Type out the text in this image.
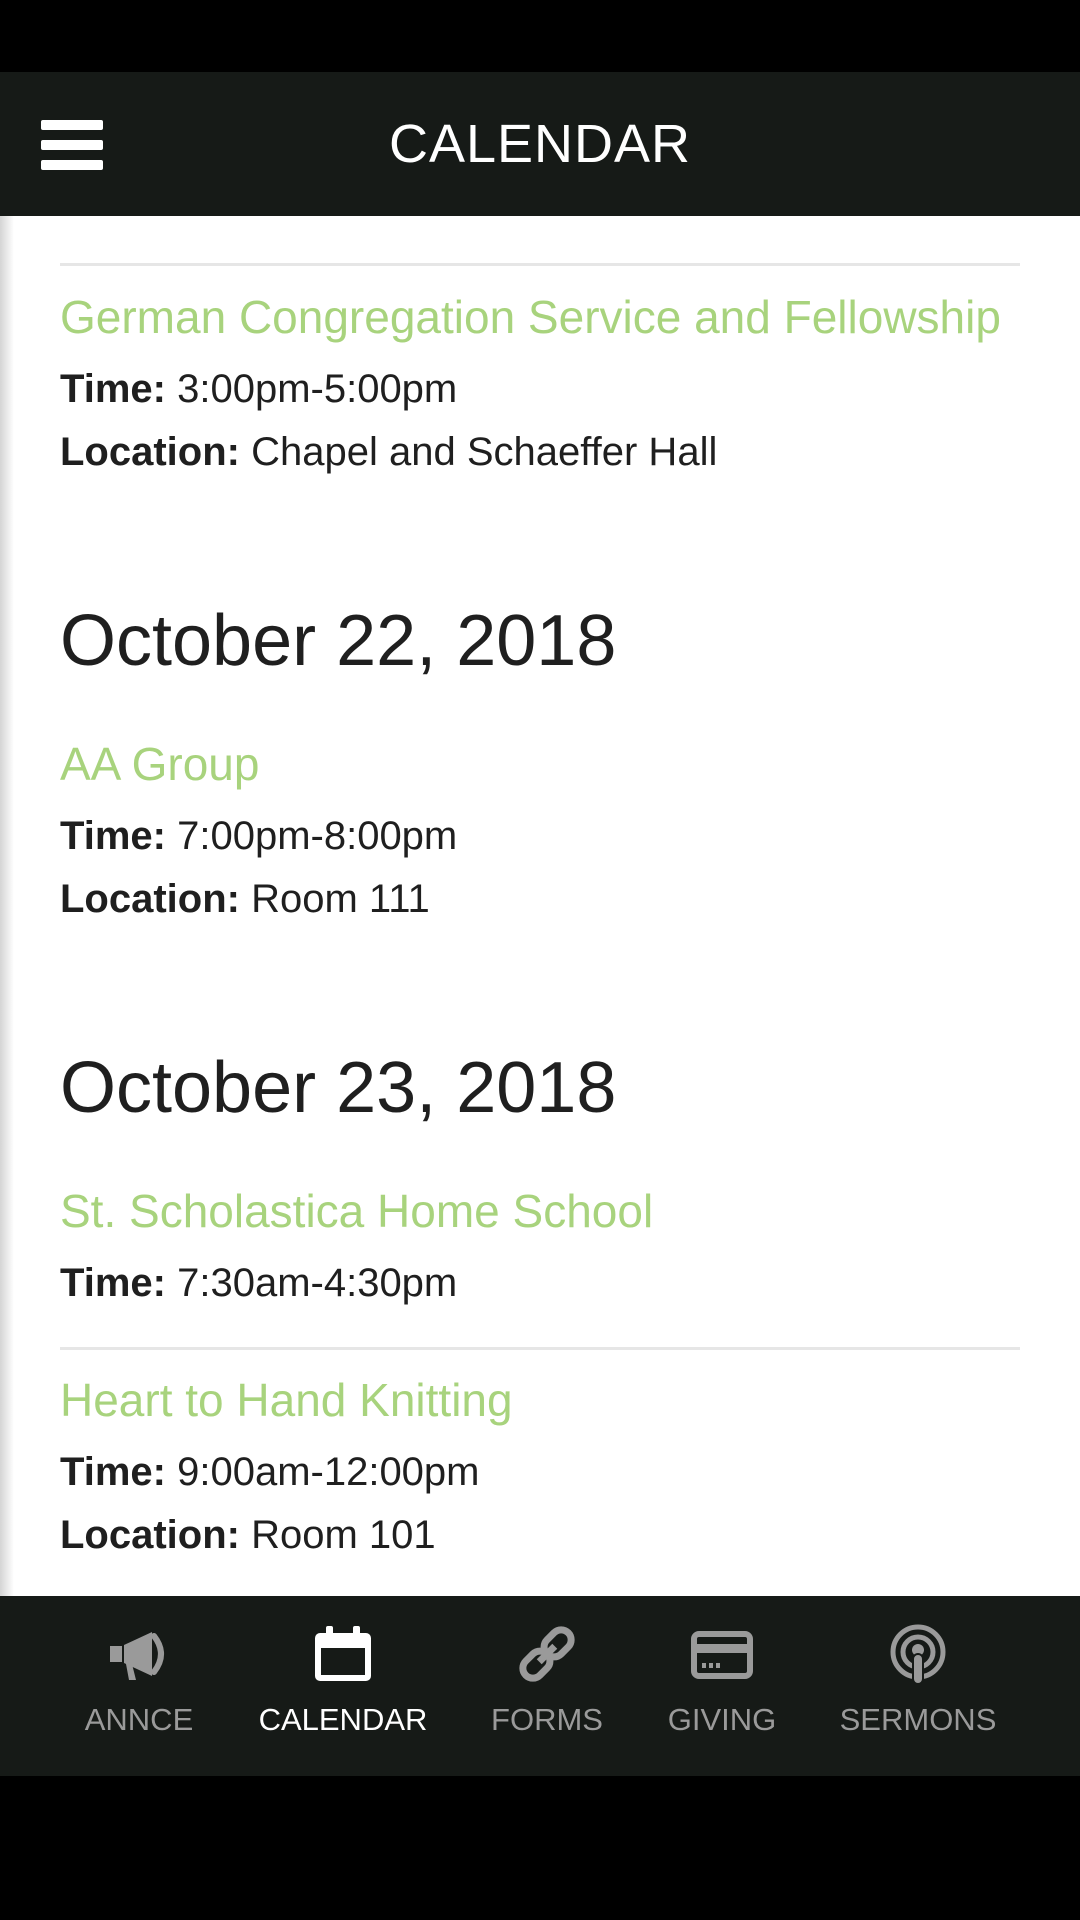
CALENDAR
German Congregation Service and Fellowship
Time: 3:00pm-5:00pm
Location: Chapel and Schaeffer Hall
October 22, 2018
AA Group
Time: 7:00pm-8:00pm
Location: Room 111
October 23, 2018
St. Scholastica Home School
Time: 7:30am-4:30pm
Heart to Hand Knitting
Time: 9:00am-12:00pm
Location: Room 101
ANNCE	CALENDAR	FORMS	GIVING	SERMONS
